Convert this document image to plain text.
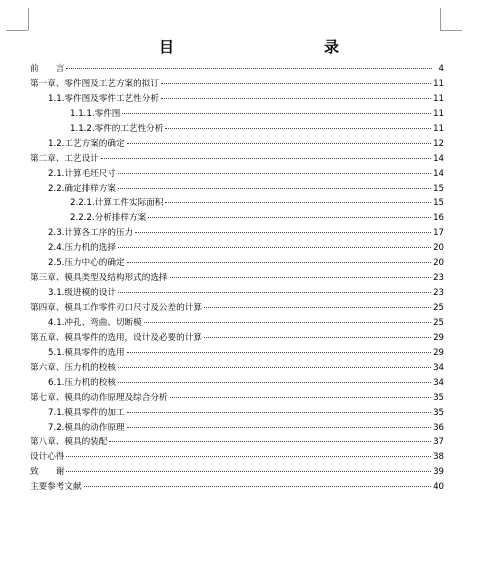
目　　录
前　　言	4
第一章、零件图及工艺方案的拟订	11
1.1.零件图及零件工艺性分析	11
1.1.1.零件图	11
1.1.2.零件的工艺性分析	11
1.2.工艺方案的确定	12
第二章、工艺设计	14
2.1.计算毛坯尺寸	14
2.2.确定排样方案	15
2.2.1.计算工件实际面积	15
2.2.2.分析排样方案	16
2.3.计算各工序的压力	17
2.4.压力机的选择	20
2.5.压力中心的确定	20
第三章、模具类型及结构形式的选择	23
3.1.级进模的设计	23
第四章、模具工作零件刃口尺寸及公差的计算	25
4.1.冲孔、弯曲、切断模	25
第五章、模具零件的选用，设计及必要的计算	29
5.1.模具零件的选用	29
第六章、压力机的校核	34
6.1.压力机的校核	34
第七章、模具的动作原理及综合分析	35
7.1.模具零件的加工	35
7.2.模具的动作原理	36
第八章、模具的装配	37
设计心得	38
致　　谢	39
主要参考文献	40
